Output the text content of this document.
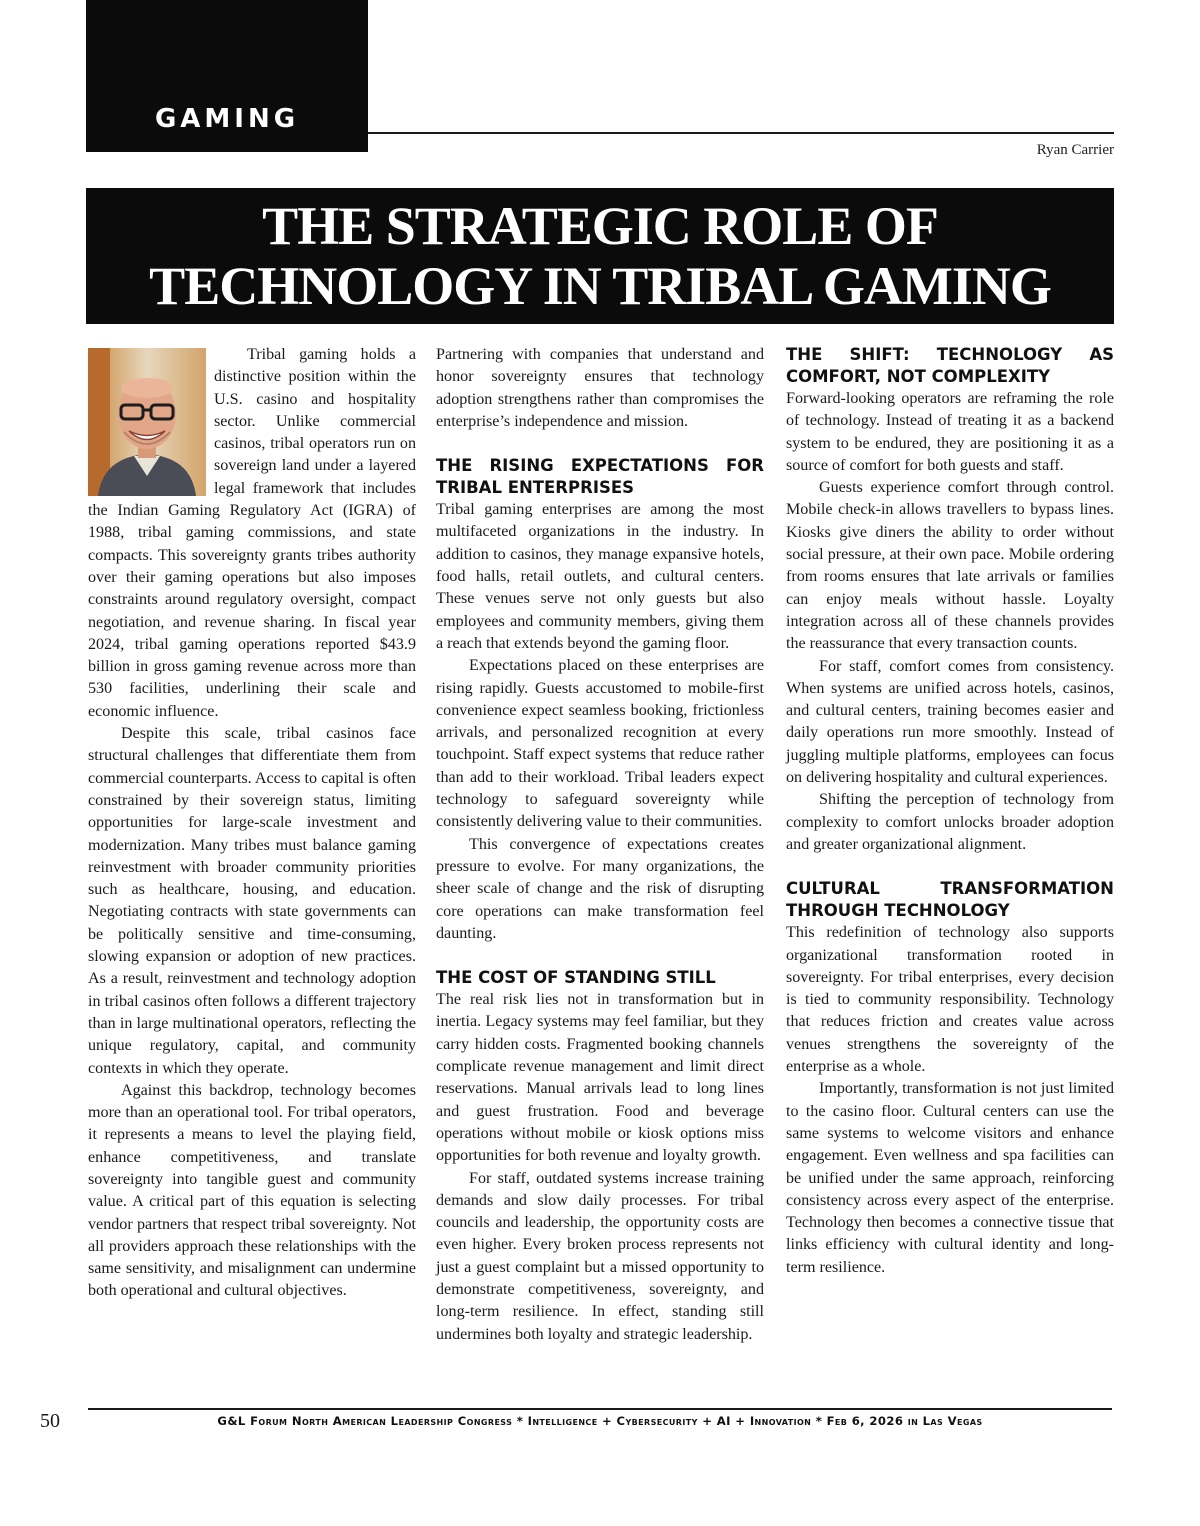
GAMING
Ryan Carrier
THE STRATEGIC ROLE OF
TECHNOLOGY IN TRIBAL GAMING

Tribal gaming holds a distinctive position within the U.S. casino and hospitality sector. Unlike commercial casinos, tribal operators run on sovereign land under a layered legal framework that includes the Indian Gaming Regulatory Act (IGRA) of 1988, tribal gaming commissions, and state compacts. This sovereignty grants tribes authority over their gaming operations but also imposes constraints around regulatory oversight, compact negotiation, and revenue sharing. In fiscal year 2024, tribal gaming operations reported $43.9 billion in gross gaming revenue across more than 530 facilities, underlining their scale and economic influence.

Despite this scale, tribal casinos face structural challenges that differentiate them from commercial counterparts. Access to capital is often constrained by their sovereign status, limiting opportunities for large-scale investment and modernization. Many tribes must balance gaming reinvestment with broader community priorities such as healthcare, housing, and education. Negotiating contracts with state governments can be politically sensitive and time-consuming, slowing expansion or adoption of new practices. As a result, reinvestment and technology adoption in tribal casinos often follows a different trajectory than in large multinational operators, reflecting the unique regulatory, capital, and community contexts in which they operate.

Against this backdrop, technology becomes more than an operational tool. For tribal operators, it represents a means to level the playing field, enhance competitiveness, and translate sovereignty into tangible guest and community value. A critical part of this equation is selecting vendor partners that respect tribal sovereignty. Not all providers approach these relationships with the same sensitivity, and misalignment can undermine both operational and cultural objectives.

Partnering with companies that understand and honor sovereignty ensures that technology adoption strengthens rather than compromises the enterprise’s independence and mission.

THE RISING EXPECTATIONS FOR TRIBAL ENTERPRISES

Tribal gaming enterprises are among the most multifaceted organizations in the industry. In addition to casinos, they manage expansive hotels, food halls, retail outlets, and cultural centers. These venues serve not only guests but also employees and community members, giving them a reach that extends beyond the gaming floor.

Expectations placed on these enterprises are rising rapidly. Guests accustomed to mobile-first convenience expect seamless booking, frictionless arrivals, and personalized recognition at every touchpoint. Staff expect systems that reduce rather than add to their workload. Tribal leaders expect technology to safeguard sovereignty while consistently delivering value to their communities.

This convergence of expectations creates pressure to evolve. For many organizations, the sheer scale of change and the risk of disrupting core operations can make transformation feel daunting.

THE COST OF STANDING STILL

The real risk lies not in transformation but in inertia. Legacy systems may feel familiar, but they carry hidden costs. Fragmented booking channels complicate revenue management and limit direct reservations. Manual arrivals lead to long lines and guest frustration. Food and beverage operations without mobile or kiosk options miss opportunities for both revenue and loyalty growth.

For staff, outdated systems increase training demands and slow daily processes. For tribal councils and leadership, the opportunity costs are even higher. Every broken process represents not just a guest complaint but a missed opportunity to demonstrate competitiveness, sovereignty, and long-term resilience. In effect, standing still undermines both loyalty and strategic leadership.

THE SHIFT: TECHNOLOGY AS COMFORT, NOT COMPLEXITY

Forward-looking operators are reframing the role of technology. Instead of treating it as a backend system to be endured, they are positioning it as a source of comfort for both guests and staff.

Guests experience comfort through control. Mobile check-in allows travellers to bypass lines. Kiosks give diners the ability to order without social pressure, at their own pace. Mobile ordering from rooms ensures that late arrivals or families can enjoy meals without hassle. Loyalty integration across all of these channels provides the reassurance that every transaction counts.

For staff, comfort comes from consistency. When systems are unified across hotels, casinos, and cultural centers, training becomes easier and daily operations run more smoothly. Instead of juggling multiple platforms, employees can focus on delivering hospitality and cultural experiences.

Shifting the perception of technology from complexity to comfort unlocks broader adoption and greater organizational alignment.

CULTURAL TRANSFORMATION THROUGH TECHNOLOGY

This redefinition of technology also supports organizational transformation rooted in sovereignty. For tribal enterprises, every decision is tied to community responsibility. Technology that reduces friction and creates value across venues strengthens the sovereignty of the enterprise as a whole.

Importantly, transformation is not just limited to the casino floor. Cultural centers can use the same systems to welcome visitors and enhance engagement. Even wellness and spa facilities can be unified under the same approach, reinforcing consistency across every aspect of the enterprise. Technology then becomes a connective tissue that links efficiency with cultural identity and long-term resilience.

50	G&L Forum North American Leadership Congress * Intelligence + Cybersecurity + AI + Innovation * Feb 6, 2026 in Las Vegas
